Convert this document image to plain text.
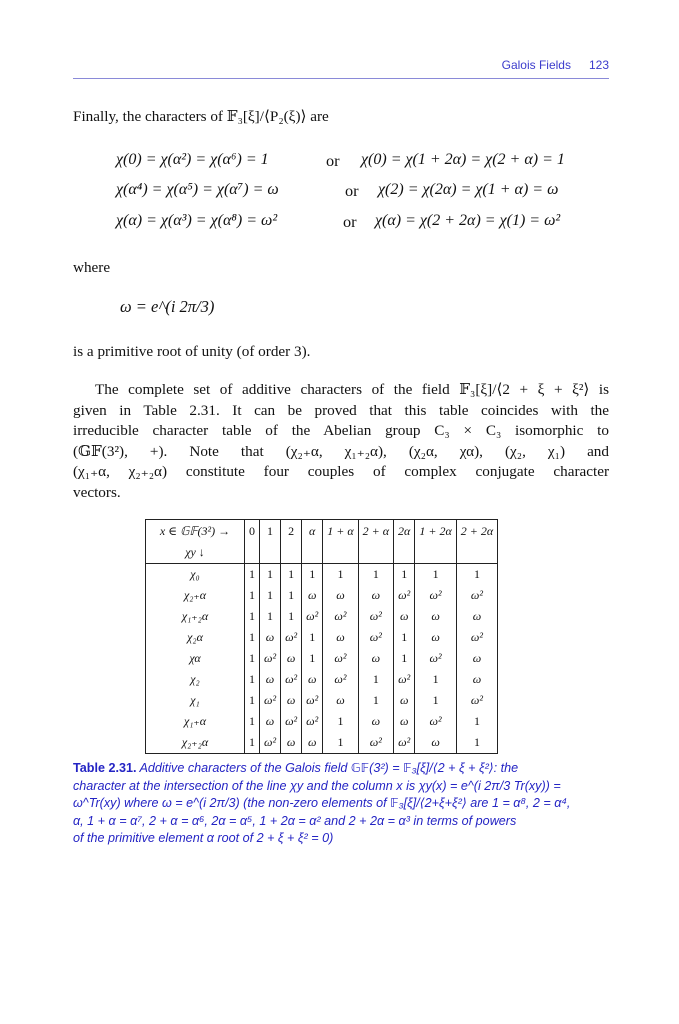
Galois Fields 123
Finally, the characters of 𝔽₃[ξ]/⟨P₂(ξ)⟩ are
χ(0) = χ(α²) = χ(α⁶) = 1	or χ(0) = χ(1 + 2α) = χ(2 + α) = 1
χ(α⁴) = χ(α⁵) = χ(α⁷) = ω	or χ(2) = χ(2α) = χ(1 + α) = ω
χ(α) = χ(α³) = χ(α⁸) = ω²	or χ(α) = χ(2 + 2α) = χ(1) = ω²
where
ω = e^(i 2π/3)
is a primitive root of unity (of order 3).
The complete set of additive characters of the field 𝔽₃[ξ]/⟨2 + ξ + ξ²⟩ is
given in Table 2.31. It can be proved that this table coincides with the
irreducible character table of the Abelian group C₃ × C₃ isomorphic to
(𝔾𝔽(3²), +). Note that (χ₂₊α, χ₁₊₂α), (χ₂α, χα), (χ₂, χ₁) and
(χ₁₊α, χ₂₊₂α) constitute four couples of complex conjugate character
vectors.
x ∈ 𝔾𝔽(3²) →	0	1	2	α	1 + α	2 + α	2α	1 + 2α	2 + 2α
χy ↓									
χ₀	1	1	1	1	1	1	1	1	1
χ₂₊α	1	1	1	ω	ω	ω	ω²	ω²	ω²
χ₁₊₂α	1	1	1	ω²	ω²	ω²	ω	ω	ω
χ₂α	1	ω	ω²	1	ω	ω²	1	ω	ω²
χα	1	ω²	ω	1	ω²	ω	1	ω²	ω
χ₂	1	ω	ω²	ω	ω²	1	ω²	1	ω
χ₁	1	ω²	ω	ω²	ω	1	ω	1	ω²
χ₁₊α	1	ω	ω²	ω²	1	ω	ω	ω²	1
χ₂₊₂α	1	ω²	ω	ω	1	ω²	ω²	ω	1
Table 2.31. Additive characters of the Galois field 𝔾𝔽(3²) = 𝔽₃[ξ]/⟨2 + ξ + ξ²⟩: the
character at the intersection of the line χy and the column x is χy(x) = e^(i 2π/3 Tr(xy)) =
ω^Tr(xy) where ω = e^(i 2π/3) (the non-zero elements of 𝔽₃[ξ]/⟨2+ξ+ξ²⟩ are 1 = α⁸, 2 = α⁴,
α, 1 + α = α⁷, 2 + α = α⁶, 2α = α⁵, 1 + 2α = α² and 2 + 2α = α³ in terms of powers
of the primitive element α root of 2 + ξ + ξ² = 0)
